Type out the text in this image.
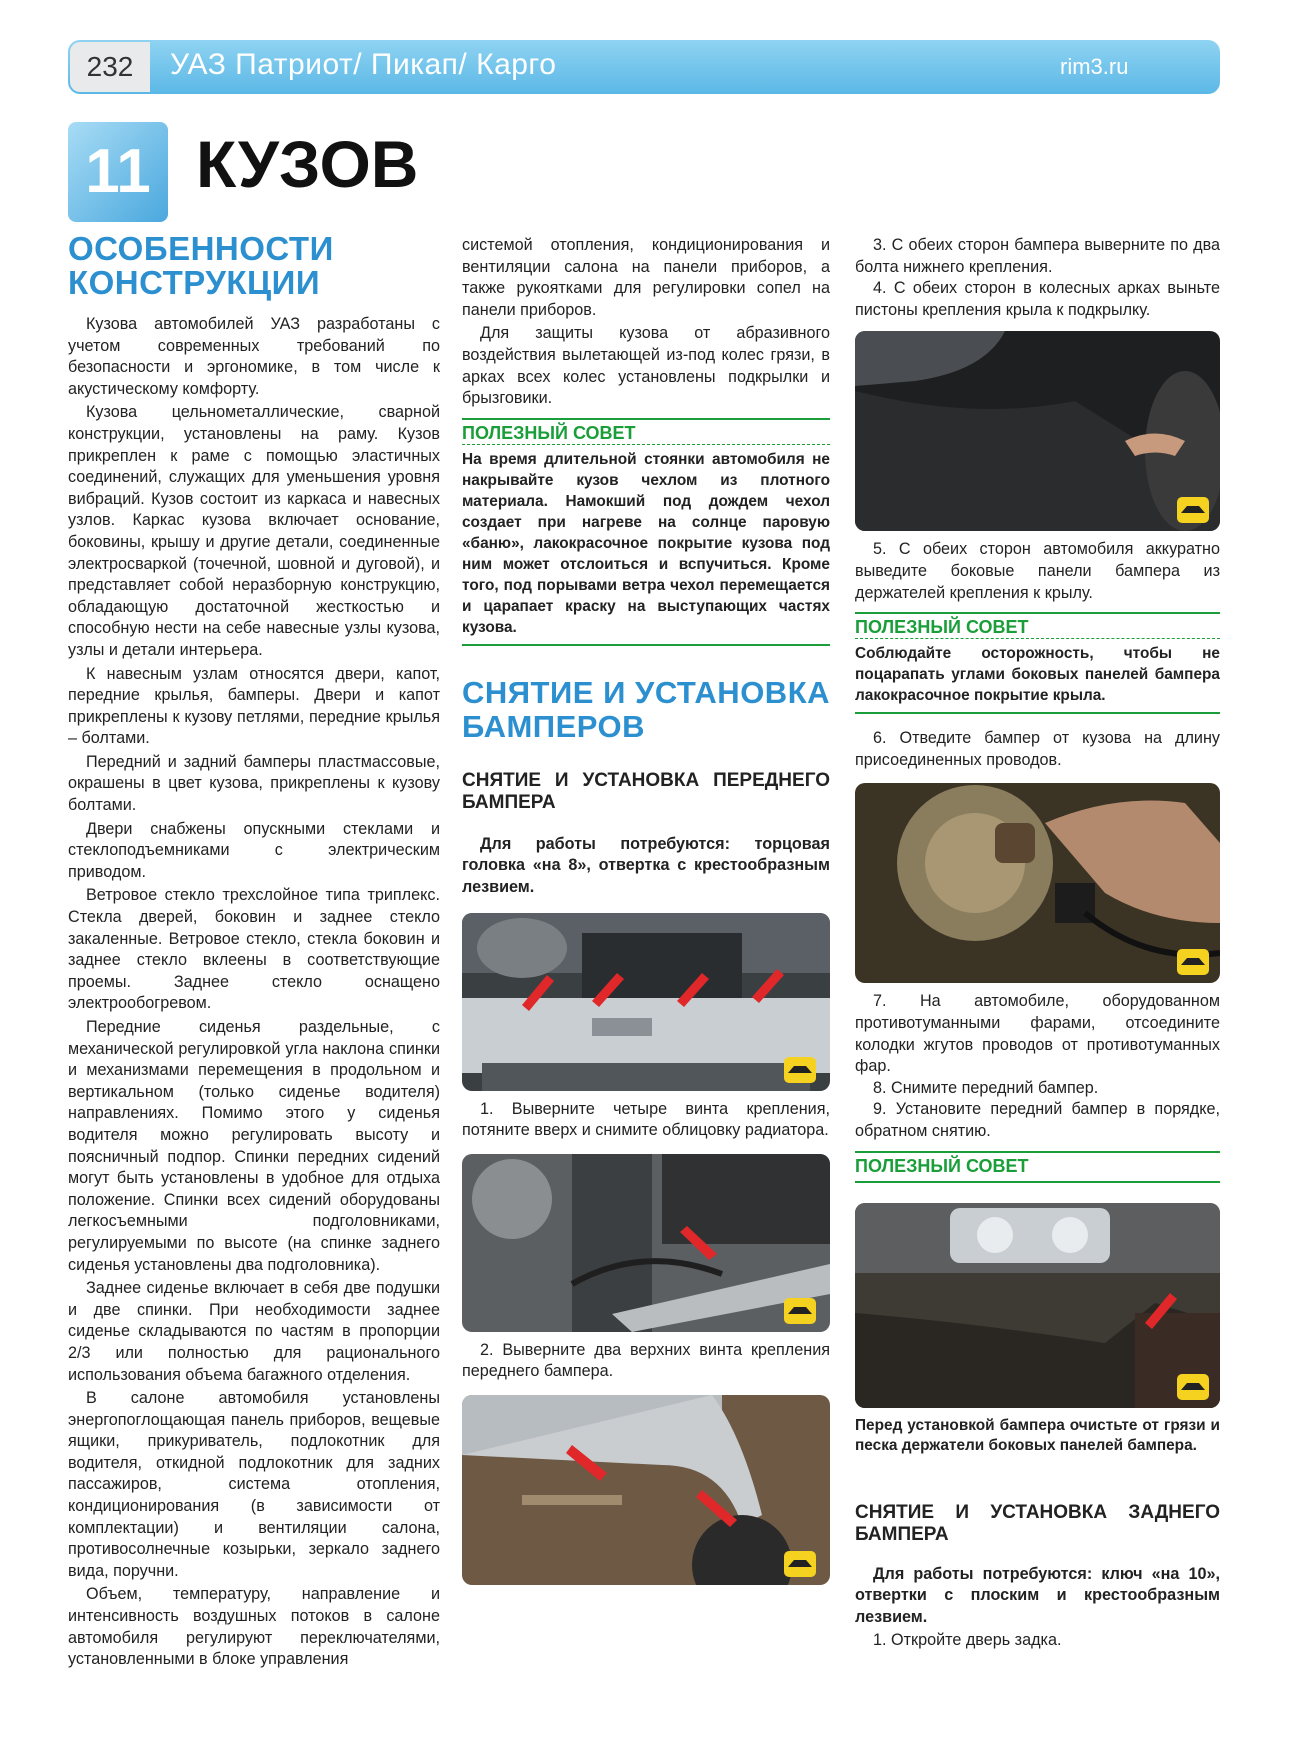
232	УАЗ Патриот/ Пикап/ Карго	rim3.ru
11 КУЗОВ
ОСОБЕННОСТИ КОНСТРУКЦИИ

Кузова автомобилей УАЗ разработаны с учетом современных требований по безопасности и эргономике, в том числе к акустическому комфорту.

Кузова цельнометаллические, сварной конструкции, установлены на раму. Кузов прикреплен к раме с помощью эластичных соединений, служащих для уменьшения уровня вибраций. Кузов состоит из каркаса и навесных узлов. Каркас кузова включает основание, боковины, крышу и другие детали, соединенные электросваркой (точечной, шовной и дуговой), и представляет собой неразборную конструкцию, обладающую достаточной жесткостью и способную нести на себе навесные узлы кузова, узлы и детали интерьера.

К навесным узлам относятся двери, капот, передние крылья, бамперы. Двери и капот прикреплены к кузову петлями, передние крылья – болтами.

Передний и задний бамперы пластмассовые, окрашены в цвет кузова, прикреплены к кузову болтами.

Двери снабжены опускными стеклами и стеклоподъемниками с электрическим приводом.

Ветровое стекло трехслойное типа триплекс. Стекла дверей, боковин и заднее стекло закаленные. Ветровое стекло, стекла боковин и заднее стекло вклеены в соответствующие проемы. Заднее стекло оснащено электрообогревом.

Передние сиденья раздельные, с механической регулировкой угла наклона спинки и механизмами перемещения в продольном и вертикальном (только сиденье водителя) направлениях. Помимо этого у сиденья водителя можно регулировать высоту и поясничный подпор. Спинки передних сидений могут быть установлены в удобное для отдыха положение. Спинки всех сидений оборудованы легкосъемными подголовниками, регулируемыми по высоте (на спинке заднего сиденья установлены два подголовника).

Заднее сиденье включает в себя две подушки и две спинки. При необходимости заднее сиденье складываются по частям в пропорции 2/3 или полностью для рационального использования объема багажного отделения.

В салоне автомобиля установлены энергопоглощающая панель приборов, вещевые ящики, прикуриватель, подлокотник для водителя, откидной подлокотник для задних пассажиров, система отопления, кондиционирования (в зависимости от комплектации) и вентиляции салона, противосолнечные козырьки, зеркало заднего вида, поручни.

Объем, температуру, направление и интенсивность воздушных потоков в салоне автомобиля регулируют переключателями, установленными в блоке управления

системой отопления, кондиционирования и вентиляции салона на панели приборов, а также рукоятками для регулировки сопел на панели приборов.

Для защиты кузова от абразивного воздействия вылетающей из-под колес грязи, в арках всех колес установлены подкрылки и брызговики.

ПОЛЕЗНЫЙ СОВЕТ
На время длительной стоянки автомобиля не накрывайте кузов чехлом из плотного материала. Намокший под дождем чехол создает при нагреве на солнце паровую «баню», лакокрасочное покрытие кузова под ним может отслоиться и вспучиться. Кроме того, под порывами ветра чехол перемещается и царапает краску на выступающих частях кузова.
СНЯТИЕ И УСТАНОВКА БАМПЕРОВ
СНЯТИЕ И УСТАНОВКА ПЕРЕДНЕГО БАМПЕРА

Для работы потребуются: торцовая головка «на 8», отвертка с крестообразным лезвием.

1. Выверните четыре винта крепления, потяните вверх и снимите облицовку радиатора.

2. Выверните два верхних винта крепления переднего бампера.

3. С обеих сторон бампера выверните по два болта нижнего крепления.

4. С обеих сторон в колесных арках выньте пистоны крепления крыла к подкрылку.

5. С обеих сторон автомобиля аккуратно выведите боковые панели бампера из держателей крепления к крылу.

ПОЛЕЗНЫЙ СОВЕТ
Соблюдайте осторожность, чтобы не поцарапать углами боковых панелей бампера лакокрасочное покрытие крыла.

6. Отведите бампер от кузова на длину присоединенных проводов.

7. На автомобиле, оборудованном противотуманными фарами, отсоедините колодки жгутов проводов от противотуманных фар.

8. Снимите передний бампер.

9. Установите передний бампер в порядке, обратном снятию.

ПОЛЕЗНЫЙ СОВЕТ
Перед установкой бампера очистьте от грязи и песка держатели боковых панелей бампера.
СНЯТИЕ И УСТАНОВКА ЗАДНЕГО БАМПЕРА

Для работы потребуются: ключ «на 10», отвертки с плоским и крестообразным лезвием.

1. Откройте дверь задка.
